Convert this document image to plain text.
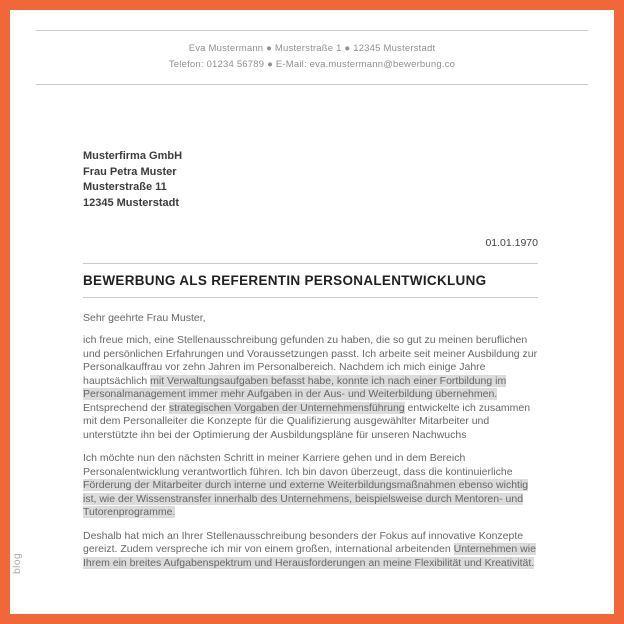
blog
Eva Mustermann ● Musterstraße 1 ● 12345 Musterstadt
Telefon: 01234 56789 ● E-Mail: eva.mustermann@bewerbung.co
Musterfirma GmbH
Frau Petra Muster
Musterstraße 11
12345 Musterstadt
01.01.1970
BEWERBUNG ALS REFERENTIN PERSONALENTWICKLUNG

Sehr geehrte Frau Muster,

ich freue mich, eine Stellenausschreibung gefunden zu haben, die so gut zu meinen beruflichen und persönlichen Erfahrungen und Voraussetzungen passt. Ich arbeite seit meiner Ausbildung zur Personalkauffrau vor zehn Jahren im Personalbereich. Nachdem ich mich einige Jahre hauptsächlich mit Verwaltungsaufgaben befasst habe, konnte ich nach einer Fortbildung im Personalmanagement immer mehr Aufgaben in der Aus- und Weiterbildung übernehmen.

Entsprechend der strategischen Vorgaben der Unternehmensführung entwickelte ich zusammen mit dem Personalleiter die Konzepte für die Qualifizierung ausgewählter Mitarbeiter und unterstützte ihn bei der Optimierung der Ausbildungspläne für unseren Nachwuchs

Ich möchte nun den nächsten Schritt in meiner Karriere gehen und in dem Bereich Personalentwicklung verantwortlich führen. Ich bin davon überzeugt, dass die kontinuierliche Förderung der Mitarbeiter durch interne und externe Weiterbildungsmaßnahmen ebenso wichtig ist, wie der Wissenstransfer innerhalb des Unternehmens, beispielsweise durch Mentoren- und Tutorenprogramme.

Deshalb hat mich an Ihrer Stellenausschreibung besonders der Fokus auf innovative Konzepte gereizt. Zudem verspreche ich mir von einem großen, international arbeitenden Unternehmen wie Ihrem ein breites Aufgabenspektrum und Herausforderungen an meine Flexibilität und Kreativität.
